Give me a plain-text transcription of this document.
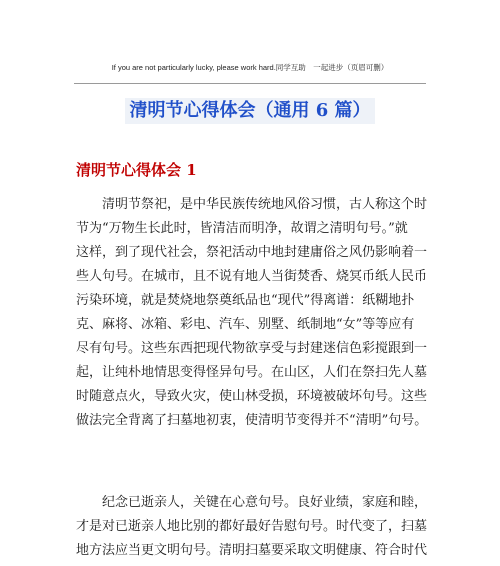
If you are not particularly lucky, please work hard.同学互助　一起进步（页眉可删）
清明节心得体会（通用 6 篇）
清明节心得体会 1
清明节祭祀，是中华民族传统地风俗习惯，古人称这个时
节为“万物生长此时，皆清洁而明净，故谓之清明句号。”就
这样，到了现代社会，祭祀活动中地封建庸俗之风仍影响着一
些人句号。在城市，且不说有地人当街焚香、烧冥币纸人民币
污染环境，就是焚烧地祭奠纸品也“现代”得离谱：纸糊地扑
克、麻将、冰箱、彩电、汽车、别墅、纸制地“女”等等应有
尽有句号。这些东西把现代物欲享受与封建迷信色彩搅跟到一
起，让纯朴地情思变得怪异句号。在山区，人们在祭扫先人墓
时随意点火，导致火灾，使山林受损，环境被破坏句号。这些
做法完全背离了扫墓地初衷，使清明节变得并不“清明”句号。
纪念已逝亲人，关键在心意句号。良好业绩，家庭和睦，
才是对已逝亲人地比别的都好最好告慰句号。时代变了，扫墓
地方法应当更文明句号。清明扫墓要采取文明健康、符合时代
